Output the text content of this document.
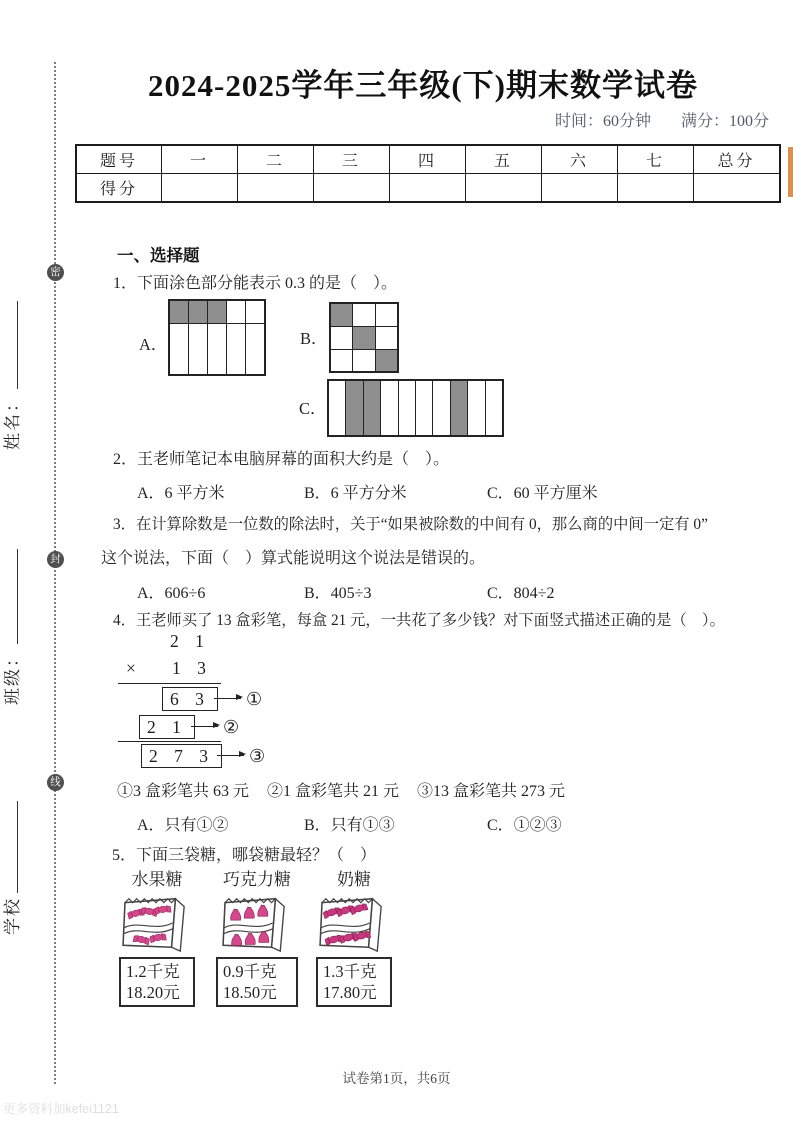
密
封
线
姓名：
班级：
学校
2024-2025学年三年级(下)期末数学试卷
时间：60分钟 满分：100分
题号	一	二	三	四	五	六	七	总分
得分								
一、选择题
1．下面涂色部分能表示 0.3 的是（　）。
A．	B．
C．
2．王老师笔记本电脑屏幕的面积大约是（　）。
A．6 平方米	B．6 平方分米	C．60 平方厘米
3．在计算除数是一位数的除法时，关于“如果被除数的中间有 0，那么商的中间一定有 0”
这个说法，下面（　）算式能说明这个说法是错误的。
A．606÷6	B．405÷3	C．804÷2
4．王老师买了 13 盒彩笔，每盒 21 元，一共花了多少钱？对下面竖式描述正确的是（　）。
2 1
× 1 3
6 3	①
2 1	②
2 7 3	③
①3 盒彩笔共 63 元 ②1 盒彩笔共 21 元 ③13 盒彩笔共 273 元
A．只有①②	B．只有①③	C．①②③
5．下面三袋糖，哪袋糖最轻？（　）
水果糖
1.2千克
18.20元
巧克力糖
0.9千克
18.50元
奶糖
1.3千克
17.80元
试卷第1页，共6页
更多资料加kefei1121
